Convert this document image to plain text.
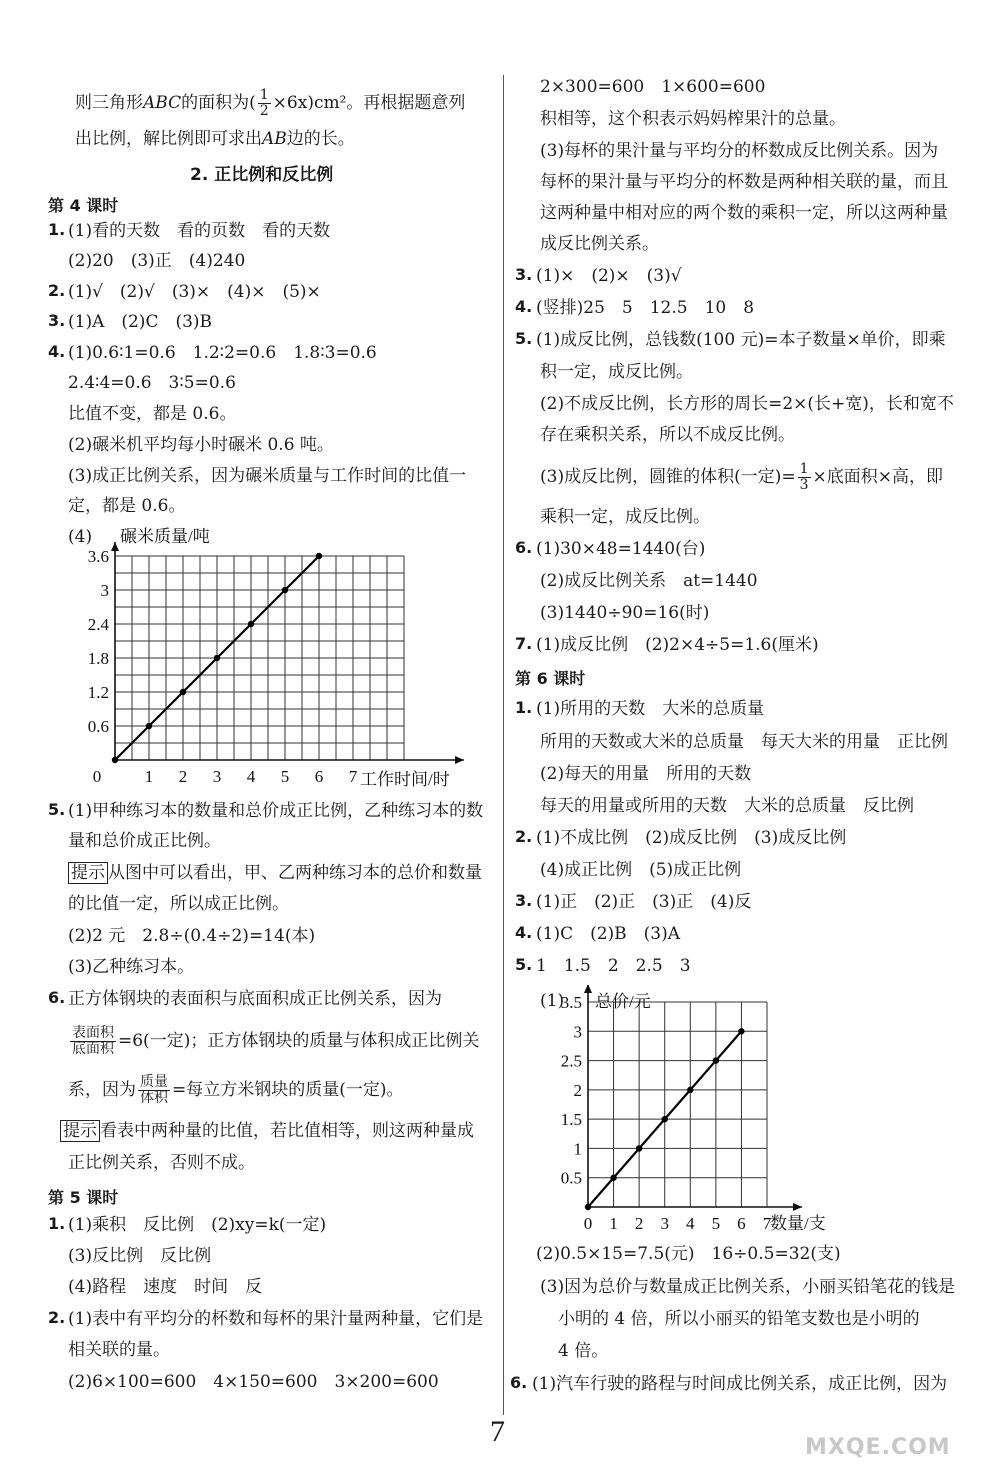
则三角形ABC的面积为( $\frac{1}{2} \times 6x)cm^2$。再根据题意列
出比例，解比例即可求出AB边的长。
2. 正比例和反比例
第 4 课时
1. (1)看的天数　看的页数　看的天数
(2)20　(3)正　(4)240
2. (1)√　(2)√　(3)×　(4)×　(5)×
3. (1)A　(2)C　(3)B
4. (1)0.6∶1=0.6　1.2∶2=0.6　1.8∶3=0.6
2.4∶4=0.6　3∶5=0.6
比值不变，都是 0.6。
(2)碾米机平均每小时碾米 0.6 吨。
(3)成正比例关系，因为碾米质量与工作时间的比值一
定，都是 0.6。
(4)
0	1 2 3 4 5 6 7
0.6
1.2
1.8
2.4
3
3.6
碾米质量/吨
工作时间/时
5. (1)甲种练习本的数量和总价成正比例，乙种练习本的数
量和总价成正比例。
提示 从图中可以看出，甲、乙两种练习本的总价和数量
的比值一定，所以成正比例。
(2)2 元　2.8÷(0.4÷2)=14(本)
(3)乙种练习本。
6. 正方体钢块的表面积与底面积成正比例关系，因为
$\frac{\text{表面积}}{\text{底面积}} =6$(一定)；正方体钢块的质量与体积成正比例关
系，因为 $\frac{\text{质量}}{\text{体积}}$ =每立方米钢块的质量(一定)。
提示 看表中两种量的比值，若比值相等，则这两种量成
正比例关系，否则不成。
第 5 课时
1. (1)乘积　反比例　(2)xy=k(一定)
(3)反比例　反比例
(4)路程　速度　时间　反
2. (1)表中有平均分的杯数和每杯的果汁量两种量，它们是
相关联的量。
(2)6×100=600　4×150=600　3×200=600
2×300=600　1×600=600
积相等，这个积表示妈妈榨果汁的总量。
(3)每杯的果汁量与平均分的杯数成反比例关系。因为
每杯的果汁量与平均分的杯数是两种相关联的量，而且
这两种量中相对应的两个数的乘积一定，所以这两种量
成反比例关系。
3. (1)×　(2)×　(3)√
4. (竖排)25　5　12.5　10　8
5. (1)成反比例，总钱数(100 元)=本子数量×单价，即乘
积一定，成反比例。
(2)不成反比例，长方形的周长=2×(长+宽)，长和宽不
存在乘积关系，所以不成反比例。
(3)成反比例，圆锥的体积(一定)= $\frac{1}{3}$ ×底面积×高，即
乘积一定，成反比例。
6. (1)30×48=1440(台)
(2)成反比例关系　at=1440
(3)1440÷90=16(时)
7. (1)成反比例　(2)2×4÷5=1.6(厘米)
第 6 课时
1. (1)所用的天数　大米的总质量
所用的天数或大米的总质量　每天大米的用量　正比例
(2)每天的用量　所用的天数
每天的用量或所用的天数　大米的总质量　反比例
2. (1)不成比例　(2)成反比例　(3)成反比例
(4)成正比例　(5)成正比例
3. (1)正　(2)正　(3)正　(4)反
4. (1)C　(2)B　(3)A
5. 1　1.5　2　2.5　3
(1)
0 1 2 3 4 5 6 7
0.5
1
1.5
2
2.5
3
3.5 总价/元
数量/支
(2)0.5×15=7.5(元)　16÷0.5=32(支)
(3)因为总价与数量成正比例关系，小丽买铅笔花的钱是
小明的 4 倍，所以小丽买的铅笔支数也是小明的
4 倍。
6. (1)汽车行驶的路程与时间成比例关系，成正比例，因为
7	MXQE.COM
